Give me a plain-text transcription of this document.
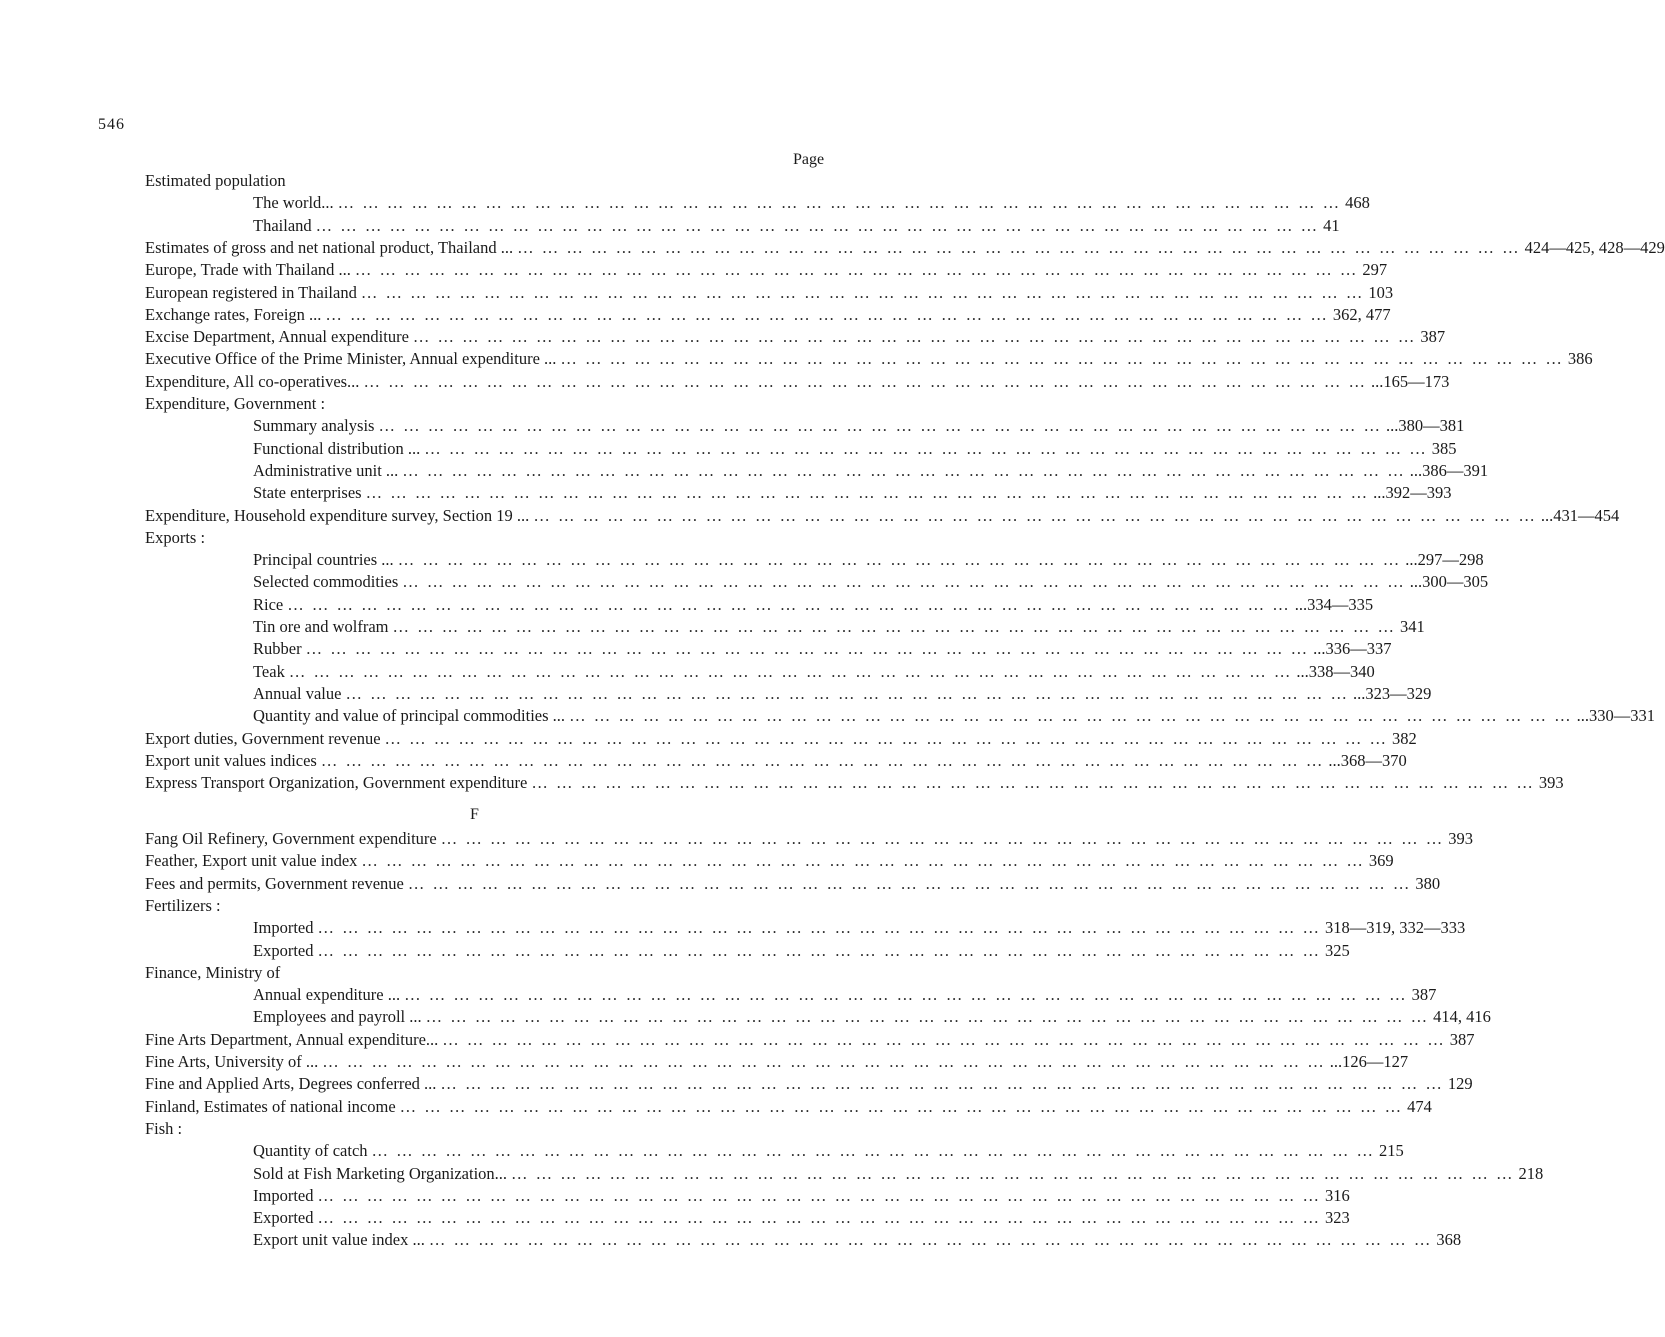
546
Page
Estimated population
The world... … … … … … … … … … … … … … … … … … … … … … … … … … … … … … … … … … … … … … … … … … 468
Thailand … … … … … … … … … … … … … … … … … … … … … … … … … … … … … … … … … … … … … … … … … 41
Estimates of gross and net national product, Thailand ... … … … … … … … … … … … … … … … … … … … … … … … … … … … … … … … … … … … … … … … … … 424—425, 428—429
Europe, Trade with Thailand ... … … … … … … … … … … … … … … … … … … … … … … … … … … … … … … … … … … … … … … … … … 297
European registered in Thailand … … … … … … … … … … … … … … … … … … … … … … … … … … … … … … … … … … … … … … … … … 103
Exchange rates, Foreign ... … … … … … … … … … … … … … … … … … … … … … … … … … … … … … … … … … … … … … … … … … 362, 477
Excise Department, Annual expenditure … … … … … … … … … … … … … … … … … … … … … … … … … … … … … … … … … … … … … … … … … 387
Executive Office of the Prime Minister, Annual expenditure ... … … … … … … … … … … … … … … … … … … … … … … … … … … … … … … … … … … … … … … … … … 386
Expenditure, All co-operatives... … … … … … … … … … … … … … … … … … … … … … … … … … … … … … … … … … … … … … … … … … ...165—173
Expenditure, Government :
Summary analysis … … … … … … … … … … … … … … … … … … … … … … … … … … … … … … … … … … … … … … … … … ...380—381
Functional distribution ... … … … … … … … … … … … … … … … … … … … … … … … … … … … … … … … … … … … … … … … … … 385
Administrative unit ... … … … … … … … … … … … … … … … … … … … … … … … … … … … … … … … … … … … … … … … … … ...386—391
State enterprises … … … … … … … … … … … … … … … … … … … … … … … … … … … … … … … … … … … … … … … … … ...392—393
Expenditure, Household expenditure survey, Section 19 ... … … … … … … … … … … … … … … … … … … … … … … … … … … … … … … … … … … … … … … … … … ...431—454
Exports :
Principal countries ... … … … … … … … … … … … … … … … … … … … … … … … … … … … … … … … … … … … … … … … … … ...297—298
Selected commodities … … … … … … … … … … … … … … … … … … … … … … … … … … … … … … … … … … … … … … … … … ...300—305
Rice … … … … … … … … … … … … … … … … … … … … … … … … … … … … … … … … … … … … … … … … … ...334—335
Tin ore and wolfram … … … … … … … … … … … … … … … … … … … … … … … … … … … … … … … … … … … … … … … … … 341
Rubber … … … … … … … … … … … … … … … … … … … … … … … … … … … … … … … … … … … … … … … … … ...336—337
Teak … … … … … … … … … … … … … … … … … … … … … … … … … … … … … … … … … … … … … … … … … ...338—340
Annual value … … … … … … … … … … … … … … … … … … … … … … … … … … … … … … … … … … … … … … … … … ...323—329
Quantity and value of principal commodities ... … … … … … … … … … … … … … … … … … … … … … … … … … … … … … … … … … … … … … … … … … ...330—331
Export duties, Government revenue … … … … … … … … … … … … … … … … … … … … … … … … … … … … … … … … … … … … … … … … … 382
Export unit values indices … … … … … … … … … … … … … … … … … … … … … … … … … … … … … … … … … … … … … … … … … ...368—370
Express Transport Organization, Government expenditure … … … … … … … … … … … … … … … … … … … … … … … … … … … … … … … … … … … … … … … … … 393
F
Fang Oil Refinery, Government expenditure … … … … … … … … … … … … … … … … … … … … … … … … … … … … … … … … … … … … … … … … … 393
Feather, Export unit value index … … … … … … … … … … … … … … … … … … … … … … … … … … … … … … … … … … … … … … … … … 369
Fees and permits, Government revenue … … … … … … … … … … … … … … … … … … … … … … … … … … … … … … … … … … … … … … … … … 380
Fertilizers :
Imported … … … … … … … … … … … … … … … … … … … … … … … … … … … … … … … … … … … … … … … … … 318—319, 332—333
Exported … … … … … … … … … … … … … … … … … … … … … … … … … … … … … … … … … … … … … … … … … 325
Finance, Ministry of
Annual expenditure ... … … … … … … … … … … … … … … … … … … … … … … … … … … … … … … … … … … … … … … … … … 387
Employees and payroll ... … … … … … … … … … … … … … … … … … … … … … … … … … … … … … … … … … … … … … … … … … 414, 416
Fine Arts Department, Annual expenditure... … … … … … … … … … … … … … … … … … … … … … … … … … … … … … … … … … … … … … … … … … 387
Fine Arts, University of ... … … … … … … … … … … … … … … … … … … … … … … … … … … … … … … … … … … … … … … … … … ...126—127
Fine and Applied Arts, Degrees conferred ... … … … … … … … … … … … … … … … … … … … … … … … … … … … … … … … … … … … … … … … … … 129
Finland, Estimates of national income … … … … … … … … … … … … … … … … … … … … … … … … … … … … … … … … … … … … … … … … … 474
Fish :
Quantity of catch … … … … … … … … … … … … … … … … … … … … … … … … … … … … … … … … … … … … … … … … … 215
Sold at Fish Marketing Organization... … … … … … … … … … … … … … … … … … … … … … … … … … … … … … … … … … … … … … … … … … 218
Imported … … … … … … … … … … … … … … … … … … … … … … … … … … … … … … … … … … … … … … … … … 316
Exported … … … … … … … … … … … … … … … … … … … … … … … … … … … … … … … … … … … … … … … … … 323
Export unit value index ... … … … … … … … … … … … … … … … … … … … … … … … … … … … … … … … … … … … … … … … … … 368
